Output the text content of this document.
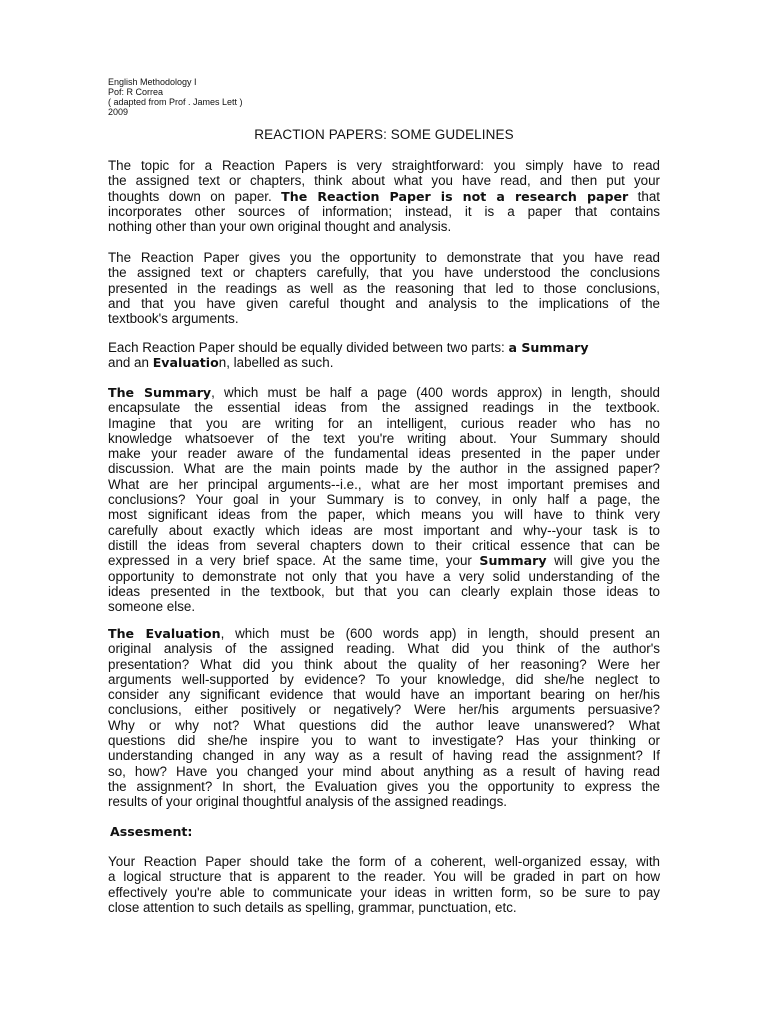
English Methodology I
Pof: R Correa
( adapted from Prof . James Lett )
2009
REACTION PAPERS: SOME GUDELINES
The topic for a Reaction Papers is very straightforward: you simply have to read
the assigned text or chapters, think about what you have read, and then put your
thoughts down on paper. The Reaction Paper is not a research paper that
incorporates other sources of information; instead, it is a paper that contains
nothing other than your own original thought and analysis.
The Reaction Paper gives you the opportunity to demonstrate that you have read
the assigned text or chapters carefully, that you have understood the conclusions
presented in the readings as well as the reasoning that led to those conclusions,
and that you have given careful thought and analysis to the implications of the
textbook's arguments.
Each Reaction Paper should be equally divided between two parts: a Summary
and an Evaluation, labelled as such.
The Summary, which must be half a page (400 words approx) in length, should
encapsulate the essential ideas from the assigned readings in the textbook.
Imagine that you are writing for an intelligent, curious reader who has no
knowledge whatsoever of the text you're writing about. Your Summary should
make your reader aware of the fundamental ideas presented in the paper under
discussion. What are the main points made by the author in the assigned paper?
What are her principal arguments--i.e., what are her most important premises and
conclusions? Your goal in your Summary is to convey, in only half a page, the
most significant ideas from the paper, which means you will have to think very
carefully about exactly which ideas are most important and why--your task is to
distill the ideas from several chapters down to their critical essence that can be
expressed in a very brief space. At the same time, your Summary will give you the
opportunity to demonstrate not only that you have a very solid understanding of the
ideas presented in the textbook, but that you can clearly explain those ideas to
someone else.
The Evaluation, which must be (600 words app) in length, should present an
original analysis of the assigned reading. What did you think of the author's
presentation? What did you think about the quality of her reasoning? Were her
arguments well-supported by evidence? To your knowledge, did she/he neglect to
consider any significant evidence that would have an important bearing on her/his
conclusions, either positively or negatively? Were her/his arguments persuasive?
Why or why not? What questions did the author leave unanswered? What
questions did she/he inspire you to want to investigate? Has your thinking or
understanding changed in any way as a result of having read the assignment? If
so, how? Have you changed your mind about anything as a result of having read
the assignment? In short, the Evaluation gives you the opportunity to express the
results of your original thoughtful analysis of the assigned readings.
Assesment:
Your Reaction Paper should take the form of a coherent, well-organized essay, with
a logical structure that is apparent to the reader. You will be graded in part on how
effectively you're able to communicate your ideas in written form, so be sure to pay
close attention to such details as spelling, grammar, punctuation, etc.
